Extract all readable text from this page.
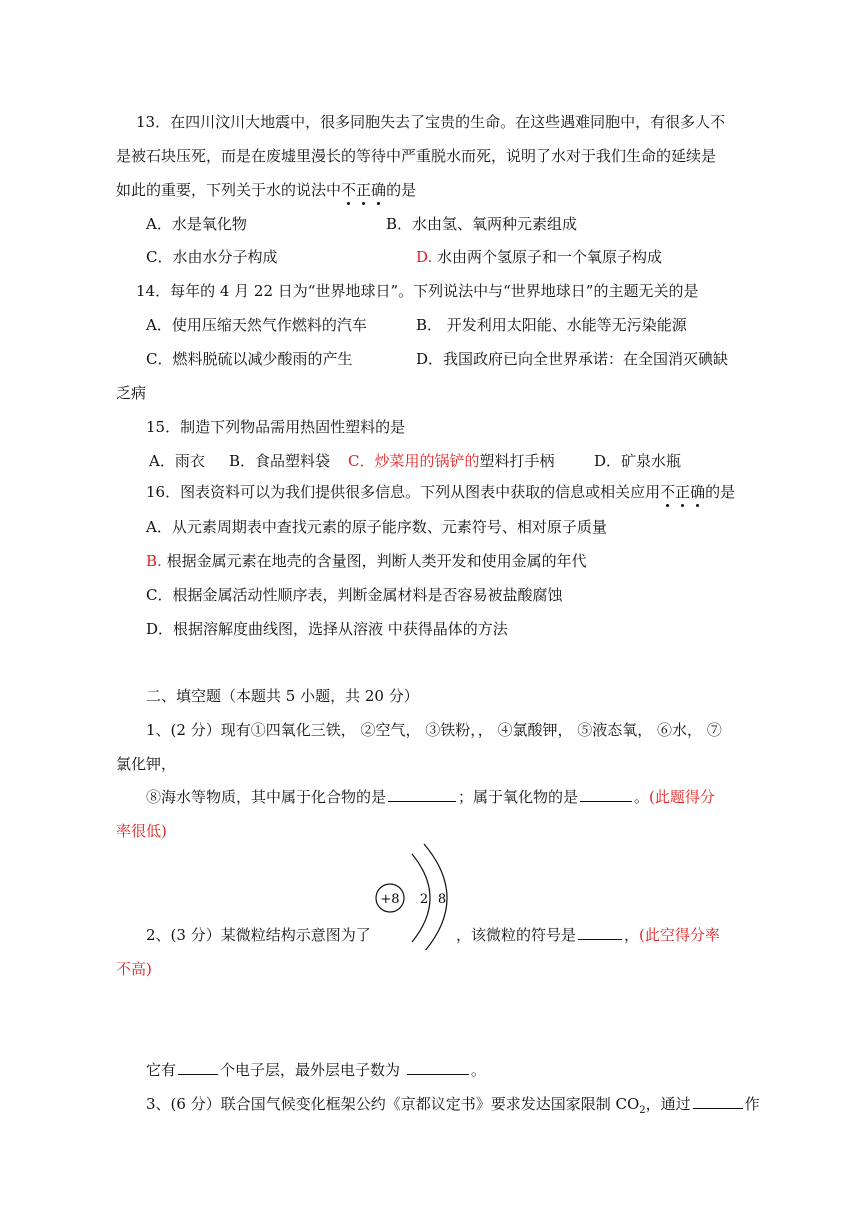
13．在四川汶川大地震中，很多同胞失去了宝贵的生命。在这些遇难同胞中，有很多人不
是被石块压死，而是在废墟里漫长的等待中严重脱水而死，说明了水对于我们生命的延续是
如此的重要，下列关于水的说法中不正确的是
A．水是氧化物	B．水由氢、氧两种元素组成
C．水由水分子构成	D. 水由两个氢原子和一个氧原子构成
14．每年的 4 月 22 日为“世界地球日”。下列说法中与“世界地球日”的主题无关的是
A．使用压缩天然气作燃料的汽车	B． 开发利用太阳能、水能等无污染能源
C．燃料脱硫以减少酸雨的产生	D．我国政府已向全世界承诺：在全国消灭碘缺
乏病
15．制造下列物品需用热固性塑料的是
A．雨衣 B．食品塑料袋 C．炒菜用的锅铲的塑料打手柄	D．矿泉水瓶
16．图表资料可以为我们提供很多信息。下列从图表中获取的信息或相关应用不正确的是
A．从元素周期表中查找元素的原子能序数、元素符号、相对原子质量
B. 根据金属元素在地壳的含量图，判断人类开发和使用金属的年代
C．根据金属活动性顺序表，判断金属材料是否容易被盐酸腐蚀
D．根据溶解度曲线图，选择从溶液 中获得晶体的方法
二、填空题（本题共 5 小题，共 20 分）
1、(2 分）现有①四氧化三铁， ②空气， ③铁粉，， ④氯酸钾， ⑤液态氧， ⑥水， ⑦
氯化钾，
⑧海水等物质，其中属于化合物的是	；属于氧化物的是	。(此题得分
率很低)
+8 2 8
2、(3 分）某微粒结构示意图为了	，该微粒的符号是	，(此空得分率
不高)
它有	个电子层，最外层电子数为	。
3、(6 分）联合国气候变化框架公约《京都议定书》要求发达国家限制 $CO_2$，通过	作
